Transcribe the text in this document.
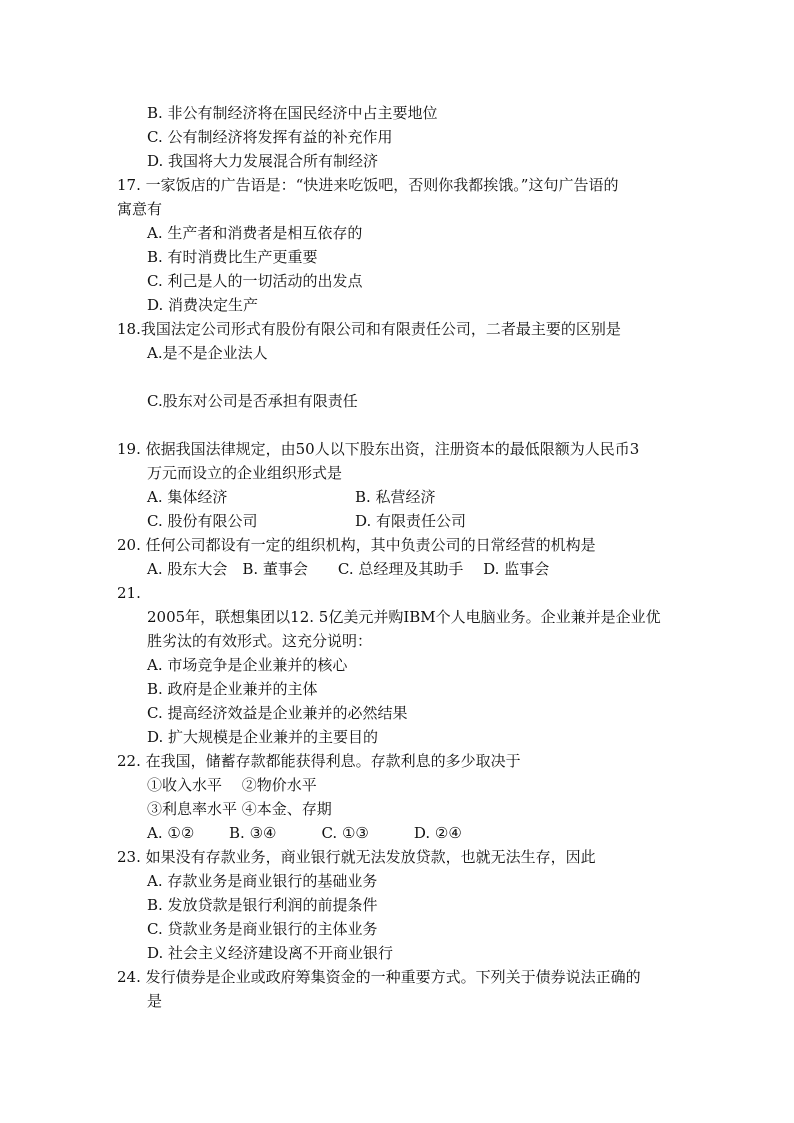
B. 非公有制经济将在国民经济中占主要地位
C. 公有制经济将发挥有益的补充作用
D. 我国将大力发展混合所有制经济
17. 一家饭店的广告语是：“快进来吃饭吧，否则你我都挨饿。”这句广告语的
寓意有
A. 生产者和消费者是相互依存的
B. 有时消费比生产更重要
C. 利己是人的一切活动的出发点
D. 消费决定生产
18.我国法定公司形式有股份有限公司和有限责任公司，二者最主要的区别是
A.是不是企业法人
C.股东对公司是否承担有限责任
19. 依据我国法律规定，由50人以下股东出资，注册资本的最低限额为人民币3
万元而设立的企业组织形式是
20. 任何公司都设有一定的组织机构，其中负责公司的日常经营的机构是
A. 股东大会　B. 董事会　　C. 总经理及其助手　 D. 监事会
21.
2005年，联想集团以12. 5亿美元并购IBM个人电脑业务。企业兼并是企业优
胜劣汰的有效形式。这充分说明：
A. 市场竞争是企业兼并的核心
B. 政府是企业兼并的主体
C. 提高经济效益是企业兼并的必然结果
D. 扩大规模是企业兼并的主要目的
22. 在我国，储蓄存款都能获得利息。存款利息的多少取决于
①收入水平　 ②物价水平
③利息率水平 ④本金、存期
A. ①②　　 B. ③④　　　C. ①③　　　D. ②④
23. 如果没有存款业务，商业银行就无法发放贷款，也就无法生存，因此
A. 存款业务是商业银行的基础业务
B. 发放贷款是银行利润的前提条件
C. 贷款业务是商业银行的主体业务
D. 社会主义经济建设离不开商业银行
24. 发行债券是企业或政府筹集资金的一种重要方式。下列关于债券说法正确的
是
A. 集体经济	B. 私营经济
C. 股份有限公司	D. 有限责任公司
